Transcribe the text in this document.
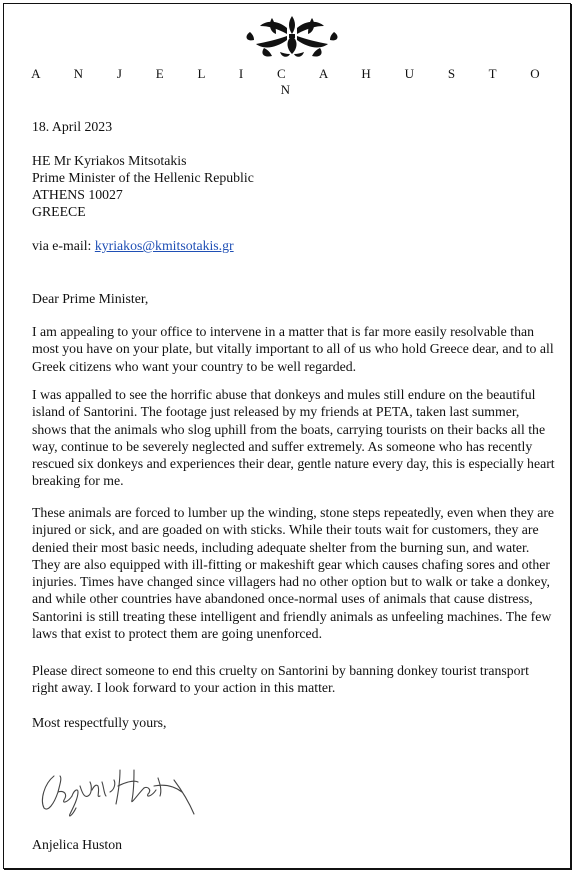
A N J E L I C A H U S T O N
18. April 2023
HE Mr Kyriakos Mitsotakis
Prime Minister of the Hellenic Republic
ATHENS 10027
GREECE
via e-mail: kyriakos@kmitsotakis.gr
Dear Prime Minister,
I am appealing to your office to intervene in a matter that is far more easily resolvable than most you have on your plate, but vitally important to all of us who hold Greece dear, and to all Greek citizens who want your country to be well regarded.
I was appalled to see the horrific abuse that donkeys and mules still endure on the beautiful island of Santorini. The footage just released by my friends at PETA, taken last summer, shows that the animals who slog uphill from the boats, carrying tourists on their backs all the way, continue to be severely neglected and suffer extremely. As someone who has recently rescued six donkeys and experiences their dear, gentle nature every day, this is especially heart breaking for me.
These animals are forced to lumber up the winding, stone steps repeatedly, even when they are injured or sick, and are goaded on with sticks. While their touts wait for customers, they are denied their most basic needs, including adequate shelter from the burning sun, and water. They are also equipped with ill-fitting or makeshift gear which causes chafing sores and other injuries. Times have changed since villagers had no other option but to walk or take a donkey, and while other countries have abandoned once-normal uses of animals that cause distress, Santorini is still treating these intelligent and friendly animals as unfeeling machines. The few laws that exist to protect them are going unenforced.
Please direct someone to end this cruelty on Santorini by banning donkey tourist transport right away. I look forward to your action in this matter.
Most respectfully yours,
Anjelica Huston
